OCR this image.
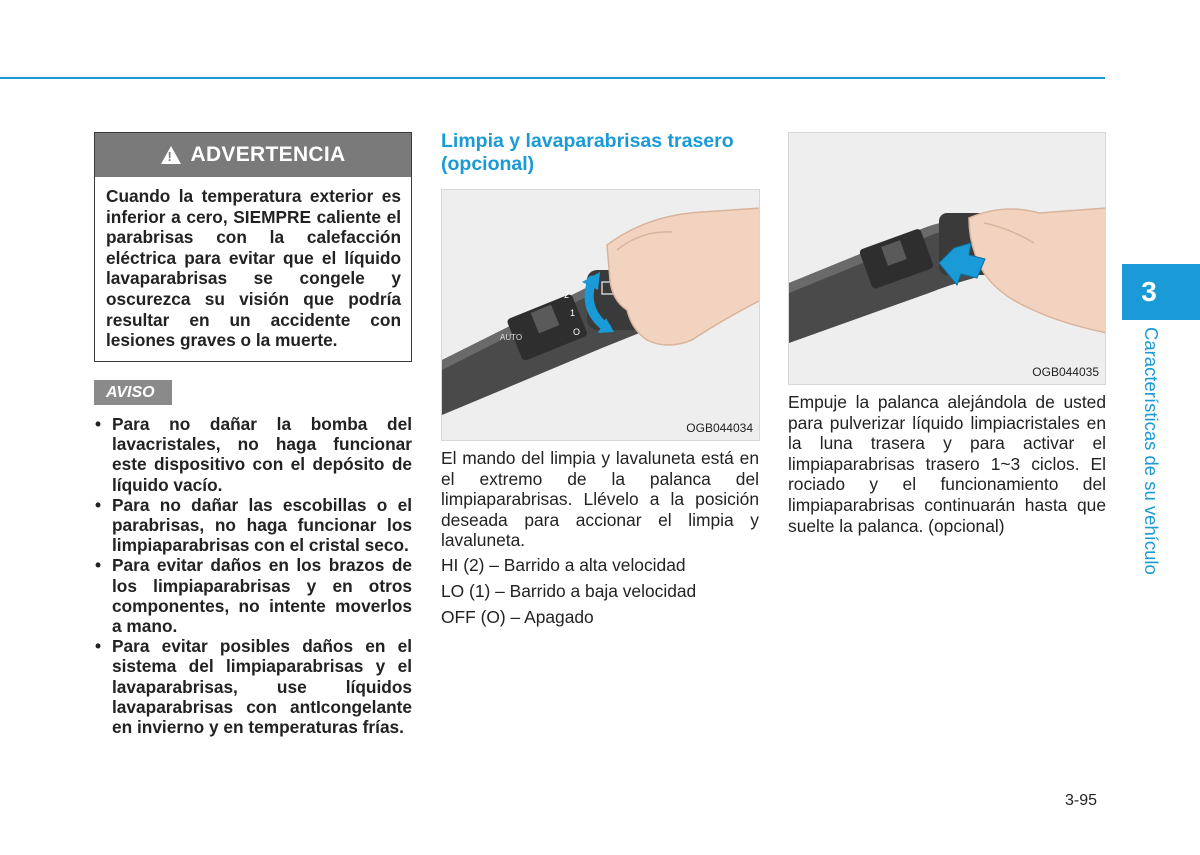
!
ADVERTENCIA
Cuando la temperatura exterior es inferior a cero, SIEMPRE caliente el parabrisas con la calefacción eléctrica para evitar que el líquido lavaparabrisas se congele y oscurezca su visión que podría resultar en un accidente con lesiones graves o la muerte.
AVISO
• Para no dañar la bomba del lavacristales, no haga funcionar este dispositivo con el depósito de líquido vacío.
• Para no dañar las escobillas o el parabrisas, no haga funcionar los limpiaparabrisas con el cristal seco.
• Para evitar daños en los brazos de los limpiaparabrisas y en otros componentes, no intente moverlos a mano.
• Para evitar posibles daños en el sistema del limpiaparabrisas y el lavaparabrisas, use líquidos lavaparabrisas con antIcongelante en invierno y en temperaturas frías.
Limpia y lavaparabrisas trasero (opcional)
AUTO
2
1
O
OGB044034

El mando del limpia y lavaluneta está en el extremo de la palanca del limpiaparabrisas. Llévelo a la posición deseada para accionar el limpia y lavaluneta.

HI (2) – Barrido a alta velocidad
LO (1) – Barrido a baja velocidad
OFF (O) – Apagado
OGB044035

Empuje la palanca alejándola de usted para pulverizar líquido limpiacristales en la luna trasera y para activar el limpiaparabrisas trasero 1~3 ciclos. El rociado y el funcionamiento del limpiaparabrisas continuarán hasta que suelte la palanca. (opcional)

3
Características de su vehículo
3-95
